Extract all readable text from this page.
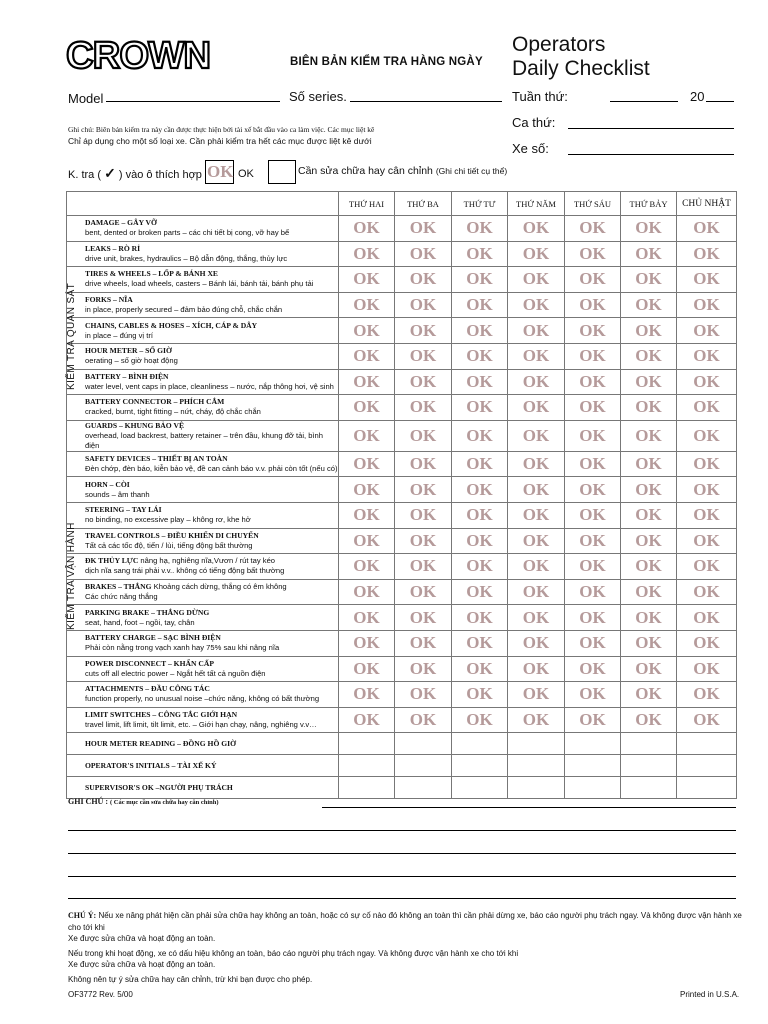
CROWN	BIÊN BẢN KIỂM TRA HÀNG NGÀY
Operators
Daily Checklist
Model	Số series.	Tuần thứ:	20
Ca thứ:
Xe số:
Ghi chú: Biên bản kiểm tra này cần được thực hiện bởi tài xế bắt đầu vào ca làm việc. Các mục liệt kê
Chỉ áp dụng cho một số loại xe. Cần phải kiểm tra hết các mục được liệt kê dưới
K. tra ( ✓ ) vào ô thích hợp OK OK	Cần sửa chữa hay cân chỉnh (Ghi chi tiết cụ thể)
	THỨ HAI	THỨ BA	THỨ TƯ	THỨ NĂM	THỨ SÁU	THỨ BẢY	CHỦ NHẬT

DAMAGE – GÂY VỠ
bent, dented or broken parts – các chi tiết bị cong, vỡ hay bể	OK	OK	OK	OK	OK	OK	OK

LEAKS – RÒ RỈ
drive unit, brakes, hydraulics – Bộ dẫn động, thắng, thủy lực	OK	OK	OK	OK	OK	OK	OK

TIRES & WHEELS – LỐP & BÁNH XE
drive wheels, load wheels, casters – Bánh lái, bánh tải, bánh phụ tải	OK	OK	OK	OK	OK	OK	OK

FORKS – NĨA
in place, properly secured – đảm bảo đúng chỗ, chắc chắn	OK	OK	OK	OK	OK	OK	OK

CHAINS, CABLES & HOSES – XÍCH, CÁP & DÂY
in place – đúng vị trí	OK	OK	OK	OK	OK	OK	OK

HOUR METER – SỐ GIỜ
oerating – số giờ hoạt động	OK	OK	OK	OK	OK	OK	OK

BATTERY – BÌNH ĐIỆN
water level, vent caps in place, cleanliness – nước, nắp thông hơi, vệ sinh	OK	OK	OK	OK	OK	OK	OK

BATTERY CONNECTOR – PHÍCH CẮM
cracked, burnt, tight fitting – nứt, cháy, độ chắc chắn	OK	OK	OK	OK	OK	OK	OK

GUARDS – KHUNG BẢO VỆ
overhead, load backrest, battery retainer – trên đầu, khung đỡ tải, bình điện	OK	OK	OK	OK	OK	OK	OK

SAFETY DEVICES – THIẾT BỊ AN TOÀN
Đèn chớp, đèn báo, kiễn bảo vệ, đề can cảnh báo v.v. phải còn tốt (nếu có)	OK	OK	OK	OK	OK	OK	OK

HORN – CÒI
sounds – âm thanh	OK	OK	OK	OK	OK	OK	OK

STEERING – TAY LÁI
no binding, no excessive play – không rơ, khe hở	OK	OK	OK	OK	OK	OK	OK

TRAVEL CONTROLS – ĐIỀU KHIỂN DI CHUYỂN
Tất cả các tốc độ, tiến / lùi, tiếng động bất thường	OK	OK	OK	OK	OK	OK	OK

ĐK THỦY LỰC nâng hạ, nghiêng nĩa,Vươn / rút tay kéo
dịch nĩa sang trái phải v.v.. không có tiếng động bất thường	OK	OK	OK	OK	OK	OK	OK

BRAKES – THẮNG Khoảng cách dừng, thắng có êm không
Các chức năng thắng	OK	OK	OK	OK	OK	OK	OK

PARKING BRAKE – THẮNG DỪNG
seat, hand, foot – ngồi, tay, chân	OK	OK	OK	OK	OK	OK	OK

BATTERY CHARGE – SẠC BÌNH ĐIỆN
Phải còn nằng trong vạch xanh hay 75% sau khi nâng nĩa	OK	OK	OK	OK	OK	OK	OK

POWER DISCONNECT – KHẨN CẤP
cuts off all electric power – Ngắt hết tất cả nguồn điện	OK	OK	OK	OK	OK	OK	OK

ATTACHMENTS – ĐẦU CÔNG TÁC
function properly, no unusual noise –chức năng, không có bất thường	OK	OK	OK	OK	OK	OK	OK

LIMIT SWITCHES – CÔNG TẮC GIỚI HẠN
travel limit, lift limit, tilt limit, etc. – Giới hạn chạy, nâng, nghiêng v.v…	OK	OK	OK	OK	OK	OK	OK

HOUR METER READING – ĐỒNG HỒ GIỜ							

OPERATOR'S INITIALS – TÀI XẾ KÝ							

SUPERVISOR'S OK –NGƯỜI PHỤ TRÁCH							

KIỂM TRA QUAN SÁT
KIỂM TRA VẬN HÀNH
GHI CHÚ : ( Các mục cần sửa chữa hay cân chỉnh)
CHÚ Ý: Nếu xe nâng phát hiện cần phải sửa chữa hay không an toàn, hoặc có sự cố nào đó không an toàn thì cần phải dừng xe, báo cáo người phụ trách ngay. Và không được vận hành xe cho tới khi
Xe được sửa chữa và hoạt động an toàn.
Nếu trong khi hoạt động, xe có dấu hiệu không an toàn, báo cáo người phụ trách ngay. Và không được vận hành xe cho tới khi
Xe được sửa chữa và hoạt động an toàn.
Không nên tự ý sửa chữa hay cân chỉnh, trừ khi bạn được cho phép.
OF3772 Rev. 5/00	Printed in U.S.A.
